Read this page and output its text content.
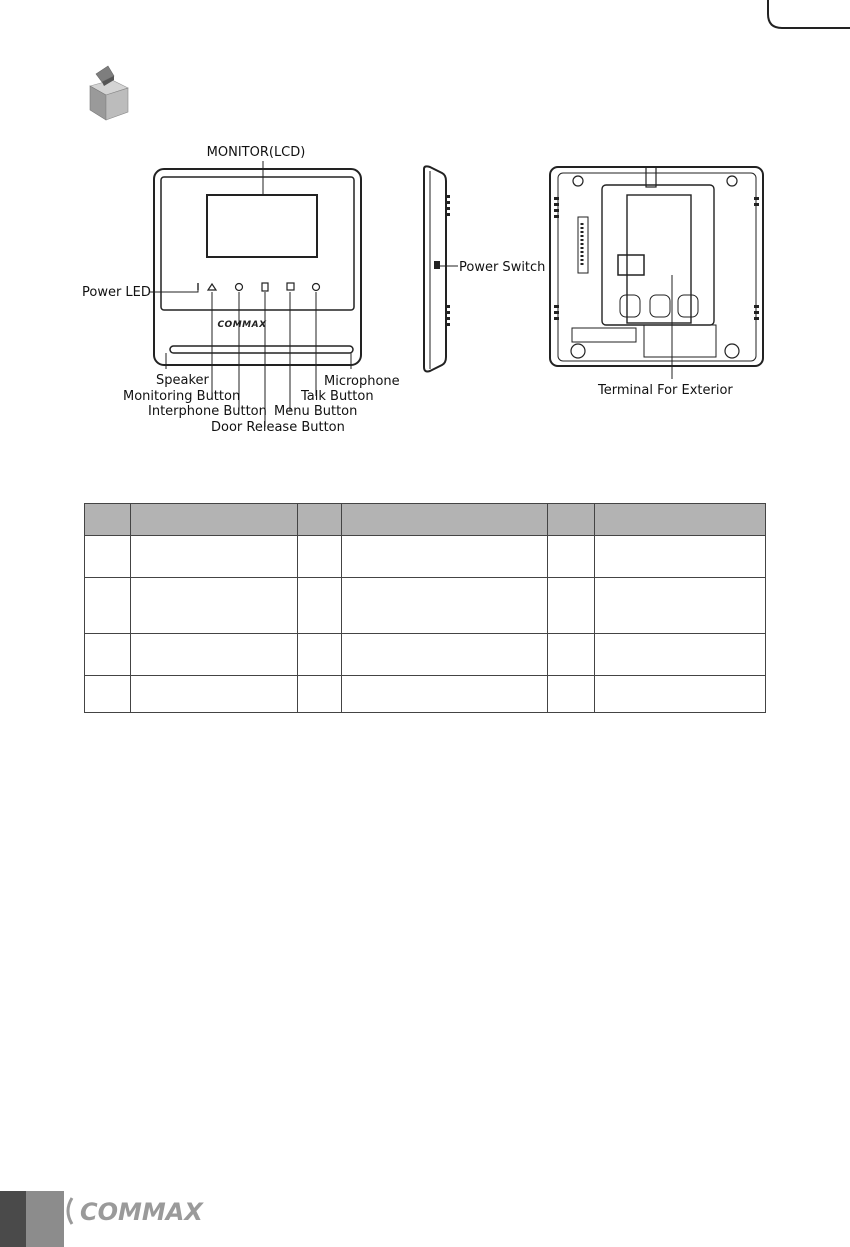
COMMAX
MONITOR(LCD)
Power LED
Speaker	Microphone
Monitoring Button	Talk Button
Interphone Button Menu Button
Door Release Button
Power Switch
Terminal For Exterior

COMMAX
